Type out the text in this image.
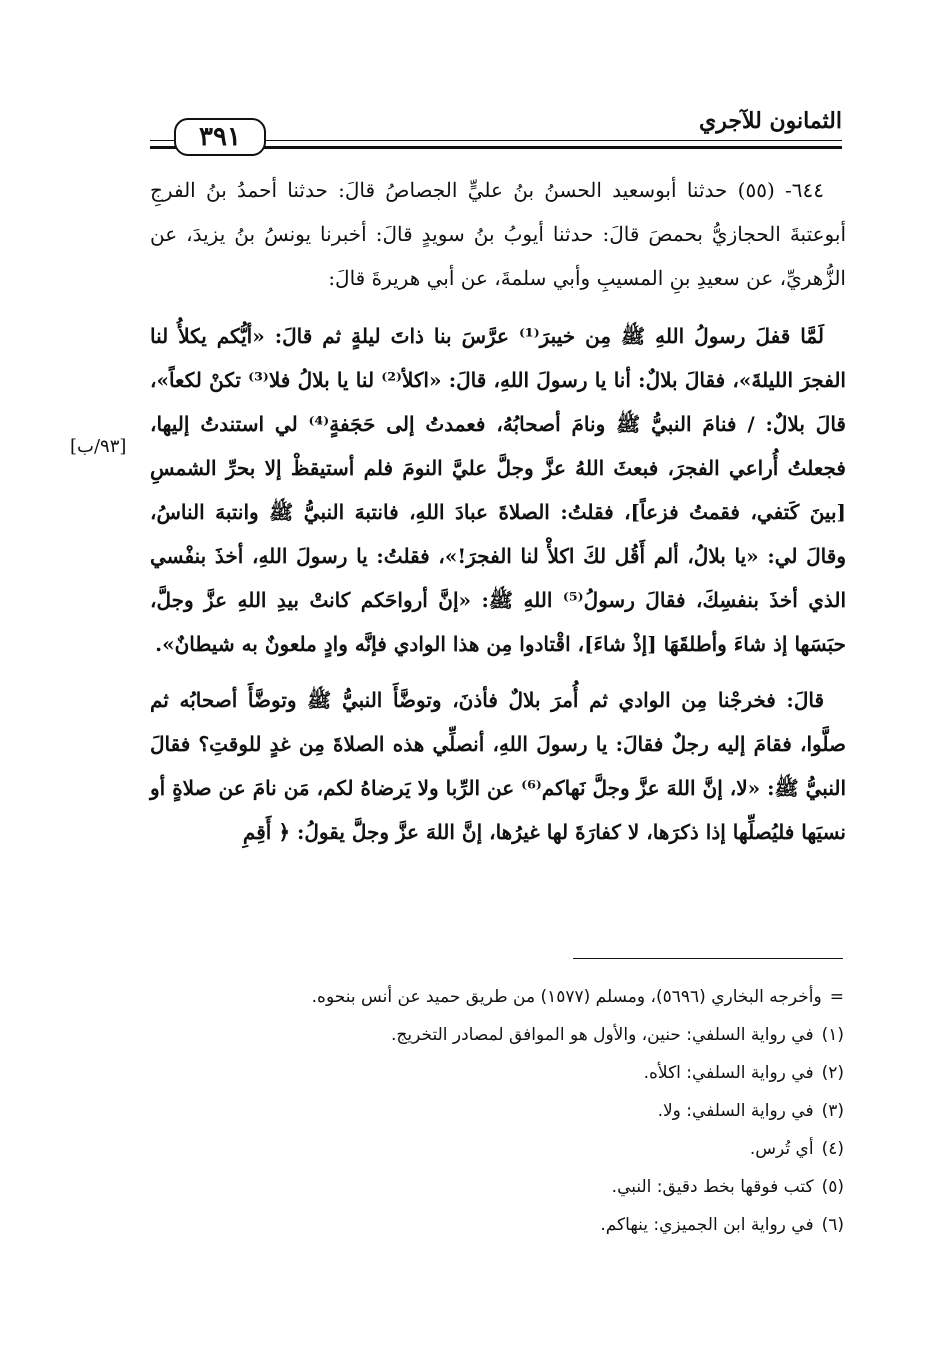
٣٩١
الثمانون للآجري
[٩٣/ب]

٦٤٤- (٥٥) حدثنا أبوسعيد الحسنُ بنُ عليٍّ الجصاصُ قالَ: حدثنا أحمدُ بنُ الفرجِ أبوعتبةَ الحجازيُّ بحمصَ قالَ: حدثنا أيوبُ بنُ سويدٍ قالَ: أخبرنا يونسُ بنُ يزيدَ، عن الزُّهريِّ، عن سعيدِ بنِ المسيبِ وأبي سلمةَ، عن أبي هريرةَ قالَ:

لَمَّا قفلَ رسولُ اللهِ ﷺ مِن خيبرَ⁽¹⁾ عرَّسَ بنا ذاتَ ليلةٍ ثم قالَ: «أيُّكم يكلأُ لنا الفجرَ الليلةَ»، فقالَ بلالٌ: أنا يا رسولَ اللهِ، قالَ: «اكلأ⁽²⁾ لنا يا بلالُ فلا⁽³⁾ تكنْ لكعاً»، قالَ بلالٌ: / فنامَ النبيُّ ﷺ ونامَ أصحابُهُ، فعمدتُ إلى حَجَفةٍ⁽⁴⁾ لي استندتُ إليها، فجعلتُ أُراعي الفجرَ، فبعثَ اللهُ عزَّ وجلَّ عليَّ النومَ فلم أستيقظْ إلا بحرِّ الشمسِ [بينَ كَتفي، فقمتُ فزعاً]، فقلتُ: الصلاةَ عبادَ اللهِ، فانتبهَ النبيُّ ﷺ وانتبهَ الناسُ، وقالَ لي: «يا بلالُ، ألم أَقُل لكَ اكلأْ لنا الفجرَ!»، فقلتُ: يا رسولَ اللهِ، أخذَ بنفْسي الذي أخذَ بنفسِكَ، فقالَ رسولُ⁽⁵⁾ اللهِ ﷺ: «إنَّ أرواحَكم كانتْ بيدِ اللهِ عزَّ وجلَّ، حبَسَها إذ شاءَ وأطلقَهَا [إذْ شاءَ]، اقْتادوا مِن هذا الوادي فإنَّه وادٍ ملعونٌ به شيطانٌ».

قالَ: فخرجْنا مِن الوادي ثم أُمرَ بلالٌ فأذنَ، وتوضَّأَ النبيُّ ﷺ وتوضَّأَ أصحابُه ثم صلَّوا، فقامَ إليه رجلٌ فقالَ: يا رسولَ اللهِ، أنصلِّي هذه الصلاةَ مِن غدٍ للوقتِ؟ فقالَ النبيُّ ﷺ: «لا، إنَّ اللهَ عزَّ وجلَّ نَهاكم⁽⁶⁾ عن الرِّبا ولا يَرضاهُ لكم، مَن نامَ عن صلاةٍ أو نسيَها فليُصلِّها إذا ذكرَها، لا كفارَةَ لها غيرُها، إنَّ اللهَ عزَّ وجلَّ يقولُ: ﴿ أَقِمِ

=وأخرجه البخاري (٥٦٩٦)، ومسلم (١٥٧٧) من طريق حميد عن أنس بنحوه.

(١)في رواية السلفي: حنين، والأول هو الموافق لمصادر التخريج.

(٢)في رواية السلفي: اكلأه.

(٣)في رواية السلفي: ولا.

(٤)أي تُرس.

(٥)كتب فوقها بخط دقيق: النبي.

(٦)في رواية ابن الجميزي: ينهاكم.
